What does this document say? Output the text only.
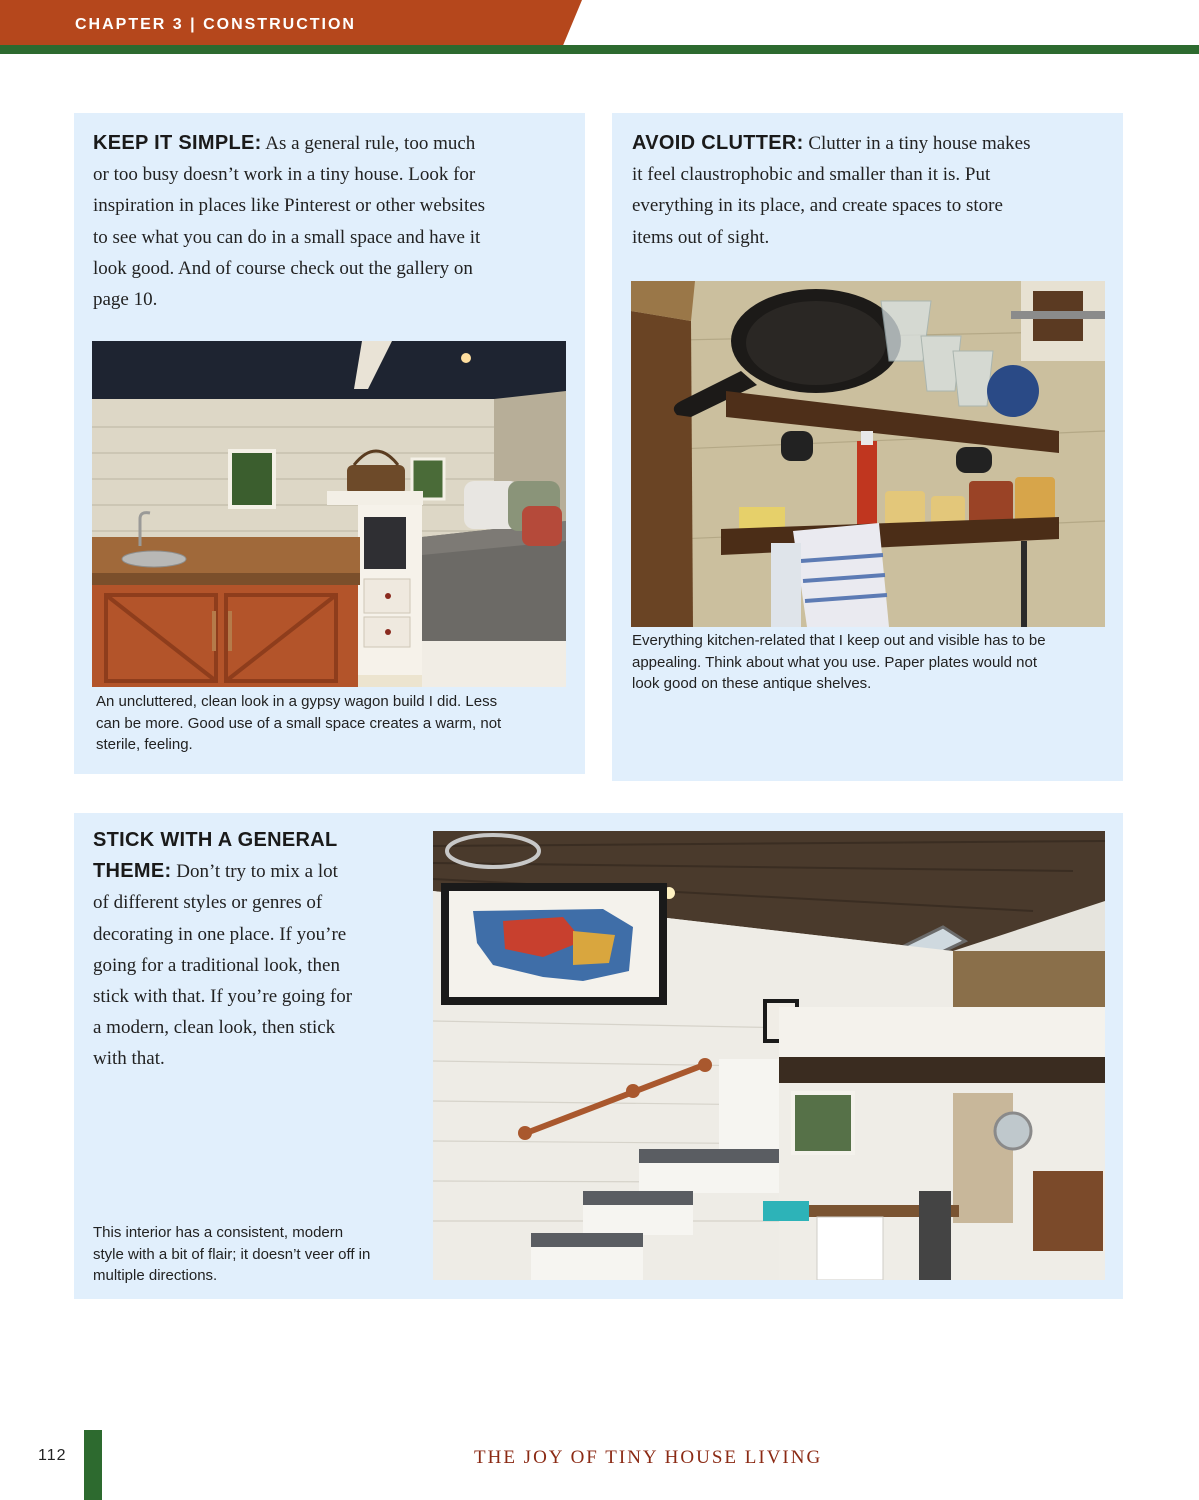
CHAPTER 3 | CONSTRUCTION
KEEP IT SIMPLE: As a general rule, too much
or too busy doesn’t work in a tiny house. Look for
inspiration in places like Pinterest or other websites
to see what you can do in a small space and have it
look good. And of course check out the gallery on
page 10.
An uncluttered, clean look in a gypsy wagon build I did. Less
can be more. Good use of a small space creates a warm, not
sterile, feeling.
AVOID CLUTTER: Clutter in a tiny house makes
it feel claustrophobic and smaller than it is. Put
everything in its place, and create spaces to store
items out of sight.
Everything kitchen-related that I keep out and visible has to be
appealing. Think about what you use. Paper plates would not
look good on these antique shelves.
STICK WITH A GENERAL
THEME: Don’t try to mix a lot
of different styles or genres of
decorating in one place. If you’re
going for a traditional look, then
stick with that. If you’re going for
a modern, clean look, then stick
with that.
This interior has a consistent, modern
style with a bit of flair; it doesn’t veer off in
multiple directions.
112	THE JOY OF TINY HOUSE LIVING
